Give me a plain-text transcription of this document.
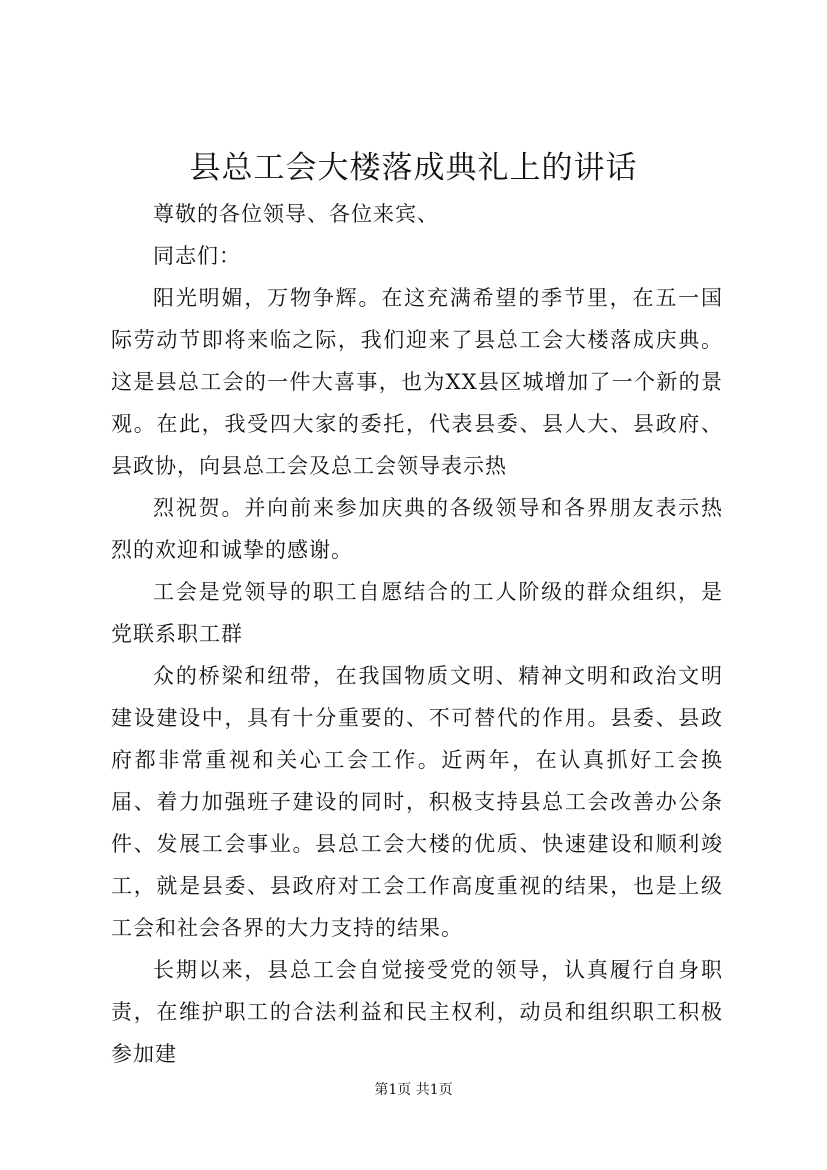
县总工会大楼落成典礼上的讲话

尊敬的各位领导、各位来宾、

同志们：

阳光明媚，万物争辉。在这充满希望的季节里，在五一国际劳动节即将来临之际，我们迎来了县总工会大楼落成庆典。这是县总工会的一件大喜事，也为XX县区城增加了一个新的景观。在此，我受四大家的委托，代表县委、县人大、县政府、县政协，向县总工会及总工会领导表示热

烈祝贺。并向前来参加庆典的各级领导和各界朋友表示热烈的欢迎和诚挚的感谢。

工会是党领导的职工自愿结合的工人阶级的群众组织，是党联系职工群

众的桥梁和纽带，在我国物质文明、精神文明和政治文明建设建设中，具有十分重要的、不可替代的作用。县委、县政府都非常重视和关心工会工作。近两年，在认真抓好工会换届、着力加强班子建设的同时，积极支持县总工会改善办公条件、发展工会事业。县总工会大楼的优质、快速建设和顺利竣工，就是县委、县政府对工会工作高度重视的结果，也是上级工会和社会各界的大力支持的结果。

长期以来，县总工会自觉接受党的领导，认真履行自身职责，在维护职工的合法利益和民主权利，动员和组织职工积极参加建

第1页 共1页
